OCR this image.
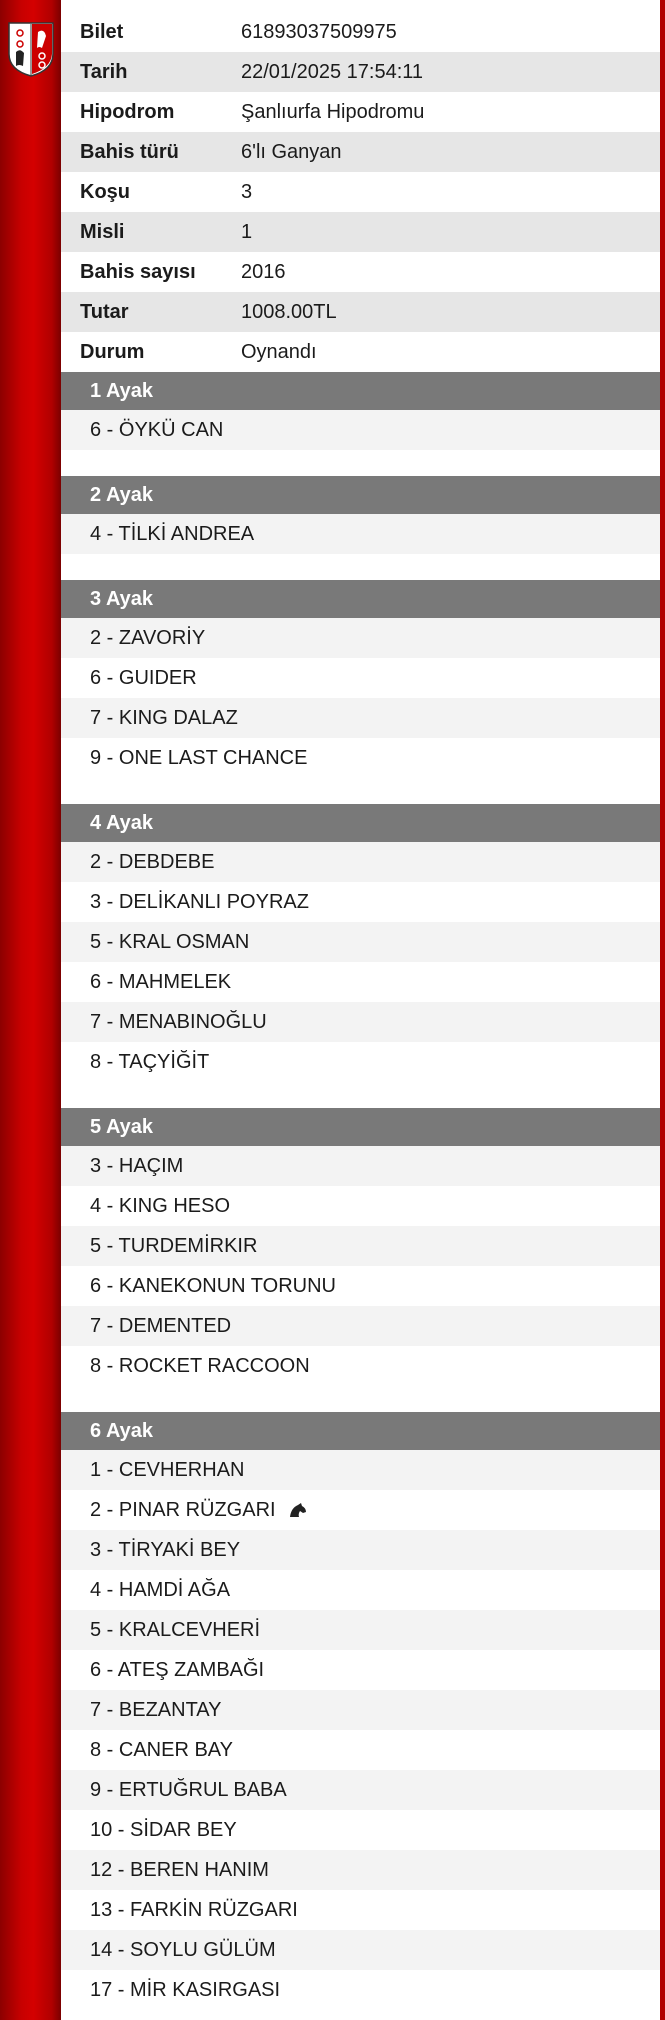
Bilet	61893037509975
Tarih	22/01/2025 17:54:11
Hipodrom	Şanlıurfa Hipodromu
Bahis türü	6'lı Ganyan
Koşu	3
Misli	1
Bahis sayısı	2016
Tutar	1008.00TL
Durum	Oynandı
1 Ayak
6 - ÖYKÜ CAN
2 Ayak
4 - TİLKİ ANDREA
3 Ayak
2 - ZAVORİY
6 - GUIDER
7 - KING DALAZ
9 - ONE LAST CHANCE
4 Ayak
2 - DEBDEBE
3 - DELİKANLI POYRAZ
5 - KRAL OSMAN
6 - MAHMELEK
7 - MENABINOĞLU
8 - TAÇYİĞİT
5 Ayak
3 - HAÇIM
4 - KING HESO
5 - TURDEMİRKIR
6 - KANEKONUN TORUNU
7 - DEMENTED
8 - ROCKET RACCOON
6 Ayak
1 - CEVHERHAN
2 - PINAR RÜZGARI
3 - TİRYAKİ BEY
4 - HAMDİ AĞA
5 - KRALCEVHERİ
6 - ATEŞ ZAMBAĞI
7 - BEZANTAY
8 - CANER BAY
9 - ERTUĞRUL BABA
10 - SİDAR BEY
12 - BEREN HANIM
13 - FARKİN RÜZGARI
14 - SOYLU GÜLÜM
17 - MİR KASIRGASI
